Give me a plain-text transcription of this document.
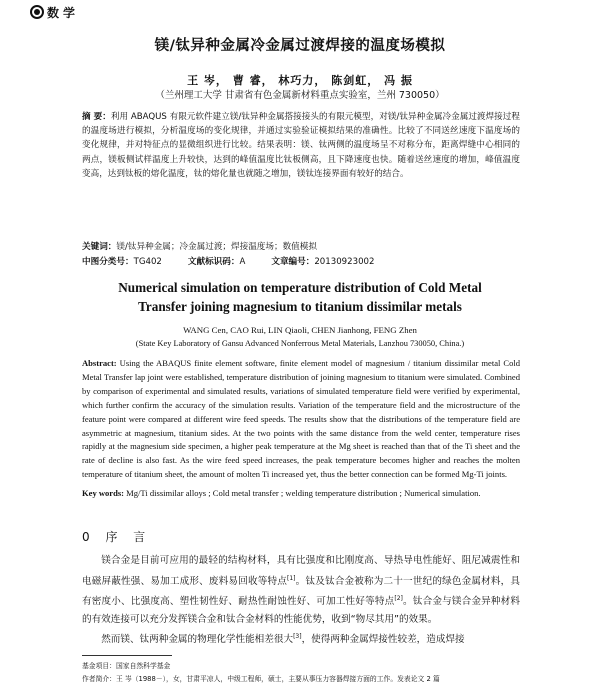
数 学
镁/钛异种金属冷金属过渡焊接的温度场模拟
王 岑， 曹 睿， 林巧力， 陈剑虹， 冯 振
（兰州理工大学 甘肃省有色金属新材料重点实验室，兰州 730050）
摘 要：利用 ABAQUS 有限元软件建立镁/钛异种金属搭接接头的有限元模型，对镁/钛异种金属冷金属过渡焊接过程的温度场进行模拟，分析温度场的变化规律，并通过实验验证模拟结果的准确性。比较了不同送丝速度下温度场的变化规律，并对特征点的显微组织进行比较。结果表明：镁、钛两侧的温度场呈不对称分布，距离焊缝中心相同的两点，镁板侧试样温度上升较快，达到的峰值温度比钛板侧高，且下降速度也快。随着送丝速度的增加，峰值温度变高，达到钛板的熔化温度，钛的熔化量也就随之增加，镁钛连接界面有较好的结合。
关键词：镁/钛异种金属；冷金属过渡；焊接温度场；数值模拟
中图分类号：TG402	文献标识码：A	文章编号：20130923002
Numerical simulation on temperature distribution of Cold Metal
Transfer joining magnesium to titanium dissimilar metals
WANG Cen, CAO Rui, LIN Qiaoli, CHEN Jianhong, FENG Zhen
(State Key Laboratory of Gansu Advanced Nonferrous Metal Materials, Lanzhou 730050, China.)
Abstract: Using the ABAQUS finite element software, finite element model of magnesium / titanium dissimilar metal Cold Metal Transfer lap joint were established, temperature distribution of joining magnesium to titanium were simulated. Combined by comparison of experimental and simulated results, variations of simulated temperature field were verified by experimental, which further confirm the accuracy of the simulation results. Variation of the temperature field and the microstructure of the feature point were compared at different wire feed speeds. The results show that the distributions of the temperature field are asymmetric at magnesium, titanium sides. At the two points with the same distance from the weld center, temperature rises rapidly at the magnesium side specimen, a higher peak temperature at the Mg sheet is reached than that of the Ti sheet and the rate of decline is also fast. As the wire feed speed increases, the peak temperature becomes higher and reaches the molten temperature of titanium sheet, the amount of molten Ti increased yet, thus the better connection can be formed Mg-Ti joints.
Key words: Mg/Ti dissimilar alloys ; Cold metal transfer ; welding temperature distribution ; Numerical simulation.
0 序 言
镁合金是目前可应用的最轻的结构材料，具有比强度和比刚度高、导热导电性能好、阻尼减震性和电磁屏蔽性强、易加工成形、废料易回收等特点[1]。钛及钛合金被称为二十一世纪的绿色金属材料，具有密度小、比强度高、塑性韧性好、耐热性耐蚀性好、可加工性好等特点[2]。钛合金与镁合金异种材料的有效连接可以充分发挥镁合金和钛合金材料的性能优势，收到“物尽其用”的效果。
然而镁、钛两种金属的物理化学性能相差很大[3]，使得两种金属焊接性较差，造成焊接
基金项目：国家自然科学基金
作者简介：王 岑（1988－），女，甘肃平凉人，中级工程师，硕士，主要从事压力容器焊接方面的工作。发表论文 2 篇
